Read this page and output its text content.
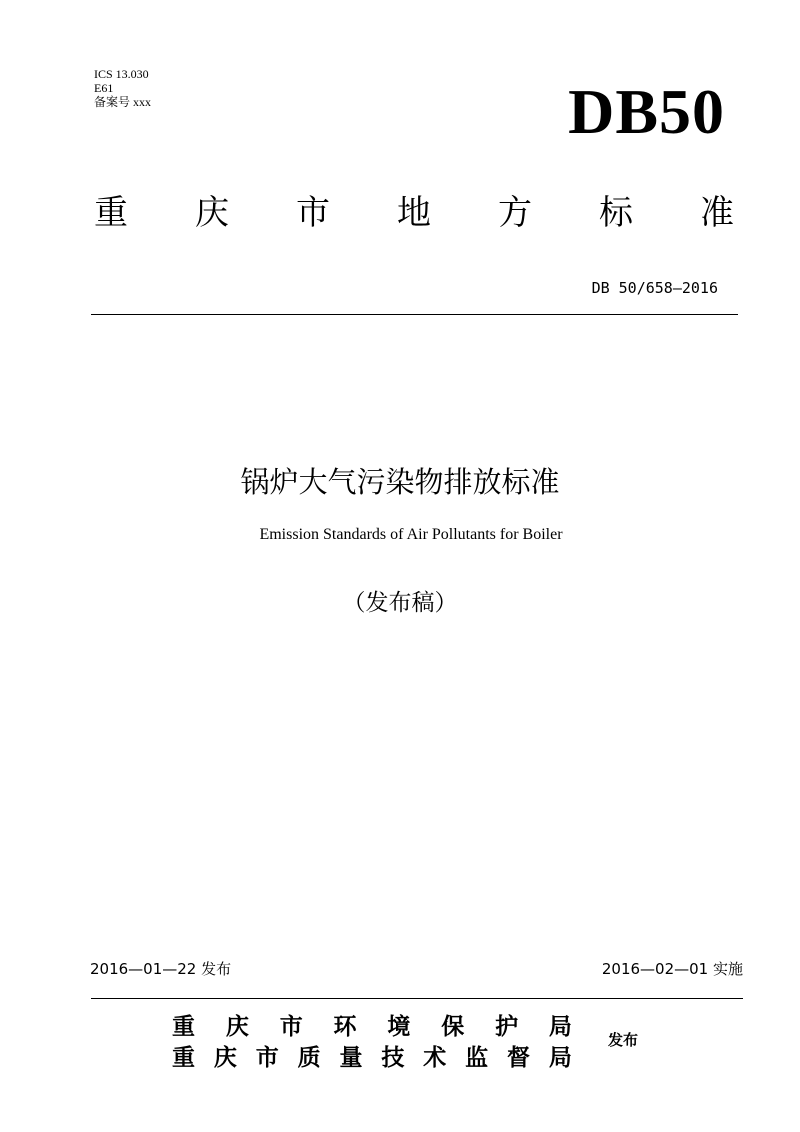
ICS 13.030
E61
备案号 xxx	DB50
重 庆 市 地 方 标 准
DB 50/658—2016
锅炉大气污染物排放标准
Emission Standards of Air Pollutants for Boiler
（发布稿）
2016—01—22 发布	2016—02—01 实施
重 庆 市 环 境 保 护 局
重 庆 市 质 量 技 术 监 督 局
发布
